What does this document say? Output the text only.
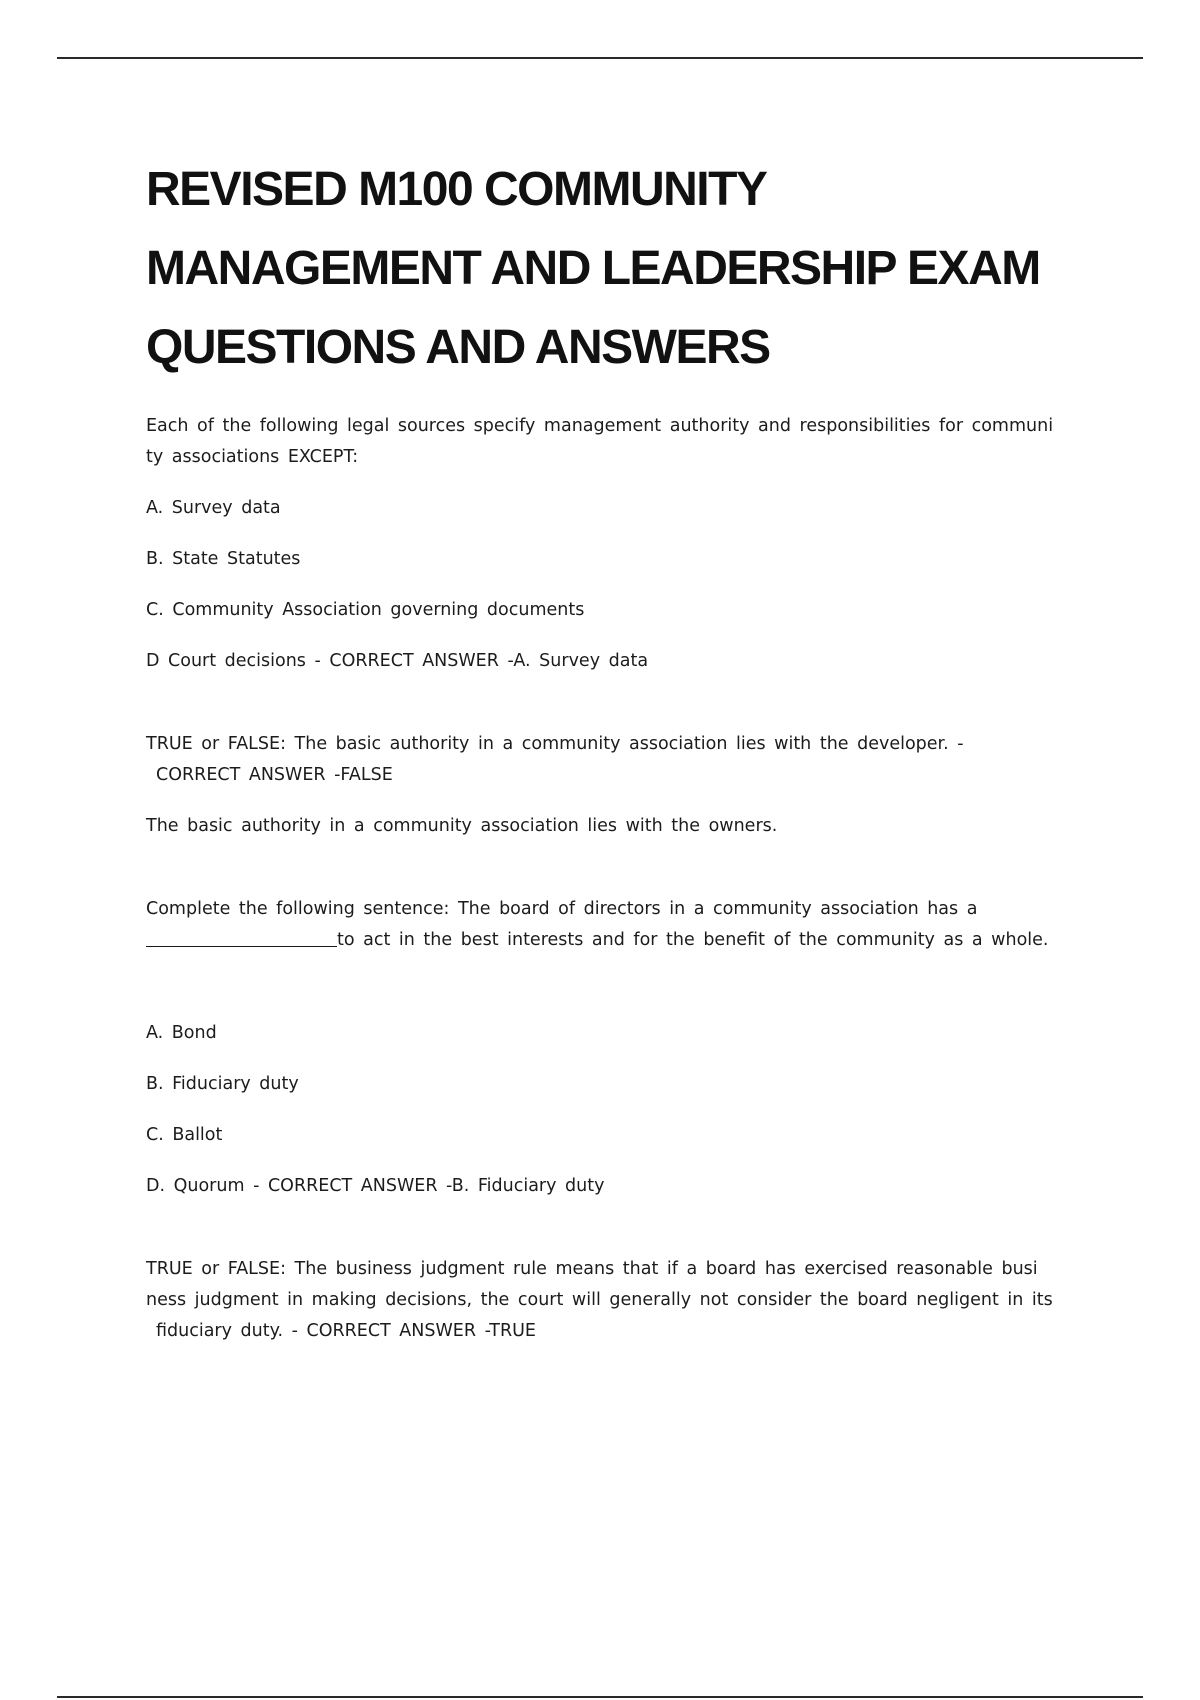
REVISED M100 COMMUNITY
MANAGEMENT AND LEADERSHIP EXAM
QUESTIONS AND ANSWERS

Each of the following legal sources specify management authority and responsibilities for communi

ty associations EXCEPT:

A. Survey data

B. State Statutes

C. Community Association governing documents

D Court decisions - CORRECT ANSWER -A. Survey data

TRUE or FALSE: The basic authority in a community association lies with the developer. -

CORRECT ANSWER -FALSE

The basic authority in a community association lies with the owners.

Complete the following sentence: The board of directors in a community association has a

to act in the best interests and for the benefit of the community as a whole.

A. Bond

B. Fiduciary duty

C. Ballot

D. Quorum - CORRECT ANSWER -B. Fiduciary duty

TRUE or FALSE: The business judgment rule means that if a board has exercised reasonable busi

ness judgment in making decisions, the court will generally not consider the board negligent in its

fiduciary duty. - CORRECT ANSWER -TRUE
